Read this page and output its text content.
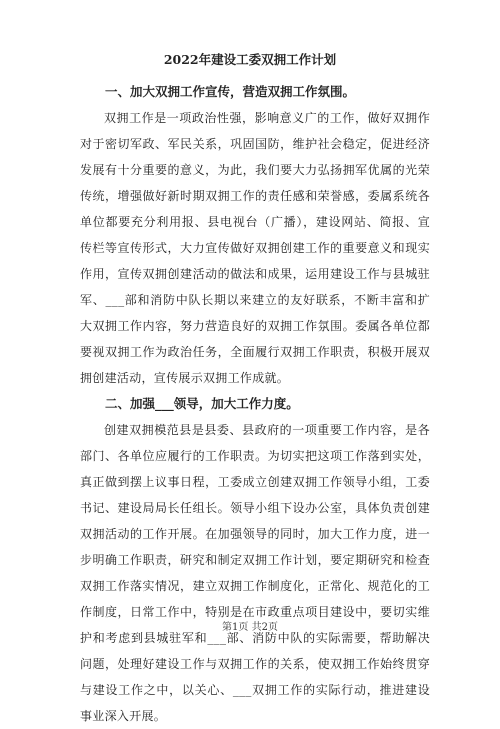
2022年建设工委双拥工作计划

一、加大双拥工作宣传，营造双拥工作氛围。

双拥工作是一项政治性强，影响意义广的工作，做好双拥作对于密切军政、军民关系，巩固国防，维护社会稳定，促进经济发展有十分重要的意义，为此，我们要大力弘扬拥军优属的光荣传统，增强做好新时期双拥工作的责任感和荣誉感，委属系统各单位都要充分利用报、县电视台（广播），建设网站、简报、宣传栏等宣传形式，大力宣传做好双拥创建工作的重要意义和现实作用，宣传双拥创建活动的做法和成果，运用建设工作与县城驻军、___部和消防中队长期以来建立的友好联系，不断丰富和扩大双拥工作内容，努力营造良好的双拥工作氛围。委属各单位都要视双拥工作为政治任务，全面履行双拥工作职责，积极开展双拥创建活动，宣传展示双拥工作成就。

二、加强___领导，加大工作力度。

创建双拥模范县是县委、县政府的一项重要工作内容，是各部门、各单位应履行的工作职责。为切实把这项工作落到实处，真正做到摆上议事日程，工委成立创建双拥工作领导小组，工委书记、建设局局长任组长。领导小组下设办公室，具体负责创建双拥活动的工作开展。在加强领导的同时，加大工作力度，进一步明确工作职责，研究和制定双拥工作计划，要定期研究和检查双拥工作落实情况，建立双拥工作制度化，正常化、规范化的工作制度，日常工作中，特别是在市政重点项目建设中，要切实维护和考虑到县城驻军和___部、消防中队的实际需要，帮助解决问题，处理好建设工作与双拥工作的关系，使双拥工作始终贯穿与建设工作之中，以关心、___双拥工作的实际行动，推进建设事业深入开展。

第1页 共2页
